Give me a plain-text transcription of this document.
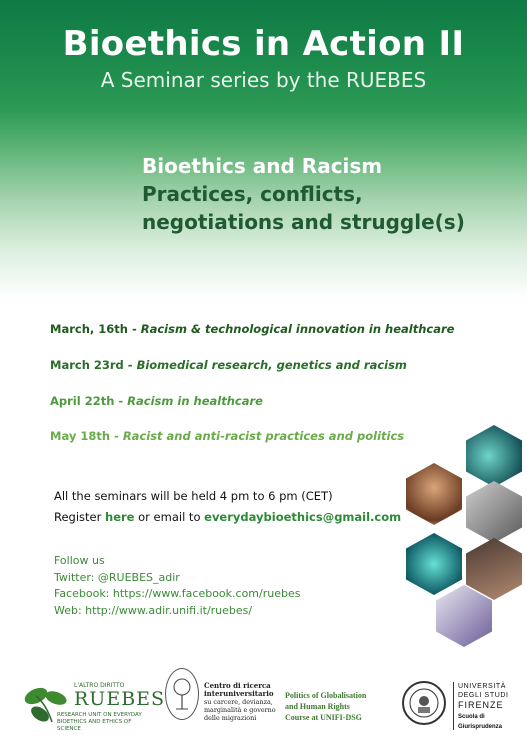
Bioethics in Action II
A Seminar series by the RUEBES
Bioethics and Racism
Practices, conflicts,
negotiations and struggle(s)
March, 16th - Racism & technological innovation in healthcare
March 23rd - Biomedical research, genetics and racism
April 22th - Racism in healthcare
May 18th - Racist and anti-racist practices and politics
All the seminars will be held 4 pm to 6 pm (CET)
Register here or email to everydaybioethics@gmail.com
Follow us
Twitter: @RUEBES_adir
Facebook: https://www.facebook.com/ruebes
Web: http://www.adir.unifi.it/ruebes/
L'ALTRO DIRITTO
RUEBES
RESEARCH UNIT ON EVERYDAY BIOETHICS AND ETHICS OF SCIENCE
Centro di ricerca
interuniversitario
su carcere, devianza,
marginalità e governo
delle migrazioni
Politics of Globalisation
and Human Rights
Course at UNIFI-DSG
UNIVERSITÀ
DEGLI STUDI
FIRENZE
Scuola di
Giurisprudenza
